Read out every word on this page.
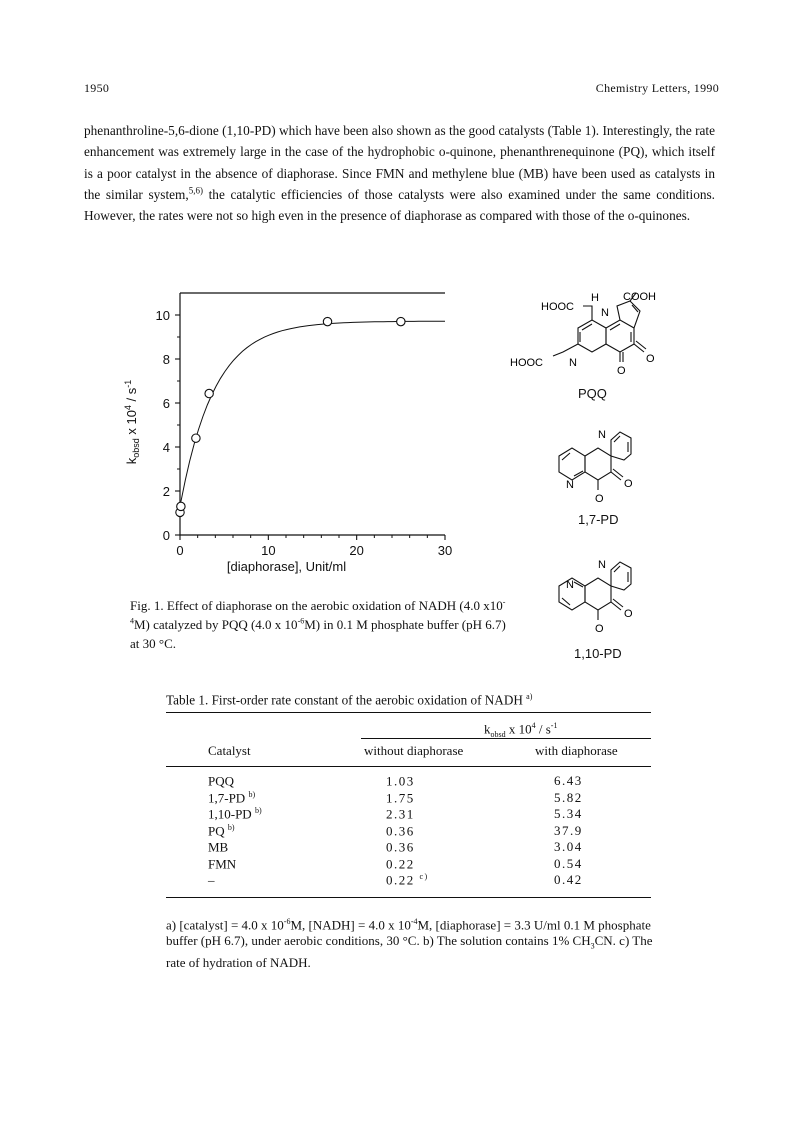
1950	Chemistry Letters, 1990
phenanthroline-5,6-dione (1,10-PD) which have been also shown as the good catalysts (Table 1). Interestingly, the rate enhancement was extremely large in the case of the hydrophobic o-quinone, phenanthrenequinone (PQ), which itself is a poor catalyst in the absence of diaphorase. Since FMN and methylene blue (MB) have been used as catalysts in the similar system,$^{5,6)}$ the catalytic efficiencies of those catalysts were also examined under the same conditions. However, the rates were not so high even in the presence of diaphorase as compared with those of the o-quinones.
0
2
4
6
8
10
0	10	20	30
[diaphorase], Unit/ml
$k_{obsd}$ x $10^4 / s^{-1}$
Fig. 1. Effect of diaphorase on the aerobic oxidation of NADH (4.0 $x10^{-4}M$) catalyzed by PQQ (4.0 x $10^{-6}M$) in 0.1 M phosphate buffer (pH 6.7) at 30 °C.
HOOC
COOH
H
N
HOOC N
O
O
PQQ
N
N
O
O
1,7-PD
N
N
O
O
1,10-PD
Table 1. First-order rate constant of the aerobic oxidation of NADH $^{a)}$
$k_{obsd}$ x $10^4 / s^{-1}$
Catalyst	without diaphorase	with diaphorase
PQQ	1.03	6.43
1,7-PD $^{b)}$	1.75	5.82
1,10-PD $^{b)}$	2.31	5.34
PQ $^{b)}$	0.36	37.9
MB	0.36	3.04
FMN	0.22	0.54
–	0.22 $^{c)}$	0.42
a) [catalyst] = 4.0 x $10^{-6}M$, [NADH] = 4.0 x $10^{-4}M$, [diaphorase] = 3.3 U/ml 0.1 M phosphate buffer (pH 6.7), under aerobic conditions, 30 °C. b) The solution contains 1% $CH_3CN$. c) The rate of hydration of NADH.
